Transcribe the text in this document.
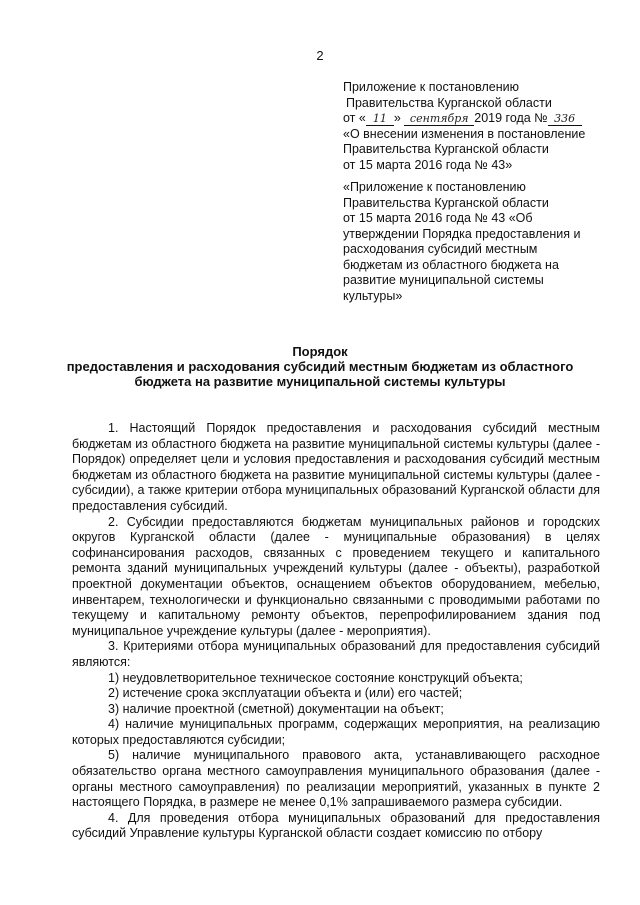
2
Приложение к постановлению
Правительства Курганской области
от « 11 » сентября 2019 года № 336
«О внесении изменения в постановление
Правительства Курганской области
от 15 марта 2016 года № 43»
«Приложение к постановлению
Правительства Курганской области
от 15 марта 2016 года № 43 «Об
утверждении Порядка предоставления и
расходования субсидий местным
бюджетам из областного бюджета на
развитие муниципальной системы
культуры»
Порядок
предоставления и расходования субсидий местным бюджетам из областного
бюджета на развитие муниципальной системы культуры

1. Настоящий Порядок предоставления и расходования субсидий местным бюджетам из областного бюджета на развитие муниципальной системы культуры (далее - Порядок) определяет цели и условия предоставления и расходования субсидий местным бюджетам из областного бюджета на развитие муниципальной системы культуры (далее - субсидии), а также критерии отбора муниципальных образований Курганской области для предоставления субсидий.

2. Субсидии предоставляются бюджетам муниципальных районов и городских округов Курганской области (далее - муниципальные образования) в целях софинансирования расходов, связанных с проведением текущего и капитального ремонта зданий муниципальных учреждений культуры (далее - объекты), разработкой проектной документации объектов, оснащением объектов оборудованием, мебелью, инвентарем, технологически и функционально связанными с проводимыми работами по текущему и капитальному ремонту объектов, перепрофилированием здания под муниципальное учреждение культуры (далее - мероприятия).

3. Критериями отбора муниципальных образований для предоставления субсидий являются:

1) неудовлетворительное техническое состояние конструкций объекта;

2) истечение срока эксплуатации объекта и (или) его частей;

3) наличие проектной (сметной) документации на объект;

4) наличие муниципальных программ, содержащих мероприятия, на реализацию которых предоставляются субсидии;

5) наличие муниципального правового акта, устанавливающего расходное обязательство органа местного самоуправления муниципального образования (далее - органы местного самоуправления) по реализации мероприятий, указанных в пункте 2 настоящего Порядка, в размере не менее 0,1% запрашиваемого размера субсидии.

4. Для проведения отбора муниципальных образований для предоставления субсидий Управление культуры Курганской области создает комиссию по отбору
